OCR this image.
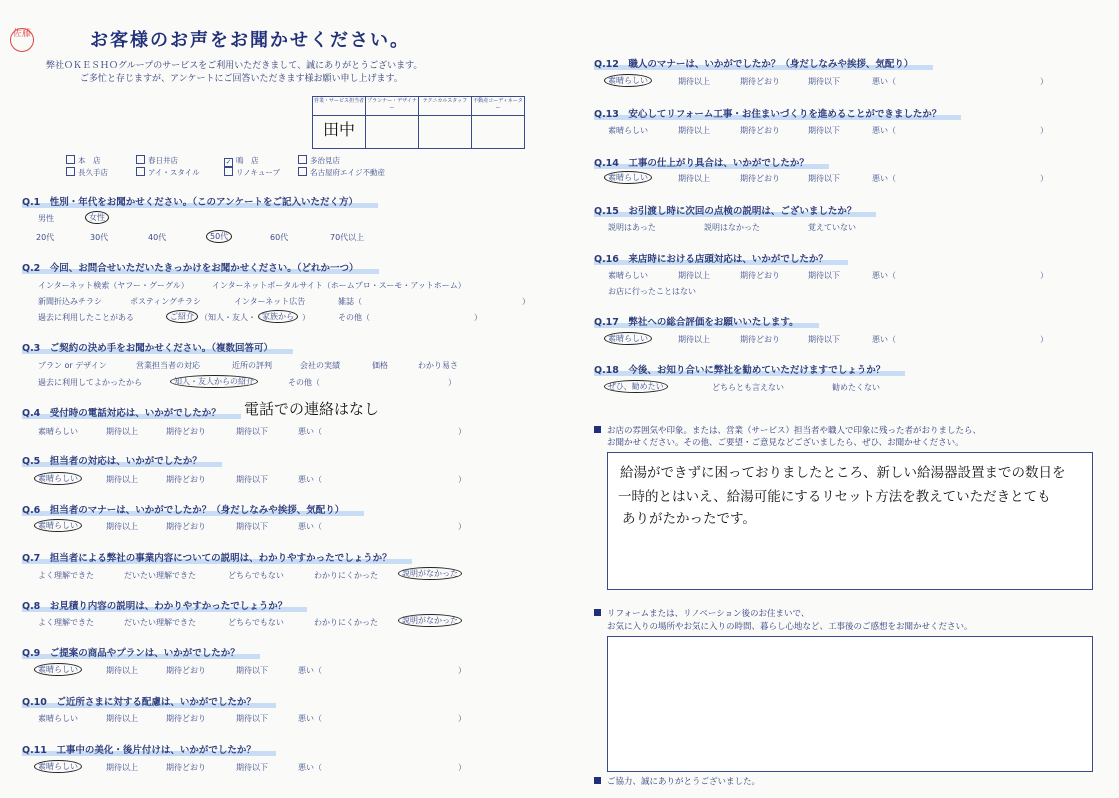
佐藤	お客様のお声をお聞かせください。
弊社ＯＫＥＳＨＯグループのサービスをご利用いただきまして、誠にありがとうございます。
ご多忙と存じますが、アンケートにご回答いただきます様お願い申し上げます。
営業・サービス担当者	プランナー・デザイナー	テクニカルスタッフ	不動産コーディネーター
田中			
本　店	春日井店	✓ 鳴　店	多治見店
長久手店	アイ・スタイル	リノキューブ	名古屋府エイジ不動産
Q.1　性別・年代をお聞かせください。（このアンケートをご記入いただく方）
男性	女性
20代	30代	40代	50代	60代	70代以上
Q.2　今回、お問合せいただいたきっかけをお聞かせください。（どれか一つ）
インターネット検索（ヤフー・グーグル）	インターネットポータルサイト（ホームプロ・スーモ・アットホーム）
新聞折込みチラシ	ポスティングチラシ	インターネット広告	雑誌（　　　　　　　　　　　　　　　　　　　　）
過去に利用したことがある	ご紹介 （知人・友人・ 家族から	）	その他（　　　　　　　　　　　　　）
Q.3　ご契約の決め手をお聞かせください。（複数回答可）
プラン or デザイン	営業担当者の対応	近所の評判	会社の実績	価格	わかり易さ
過去に利用してよかったから	知人・友人からの紹介	その他（　　　　　　　　　　　　　　　　）
Q.4　受付時の電話対応は、いかがでしたか？	電話での連絡はなし
素晴らしい	期待以上	期待どおり	期待以下	悪い（　　　　　　　　　　　　　　　　　）
Q.5　担当者の対応は、いかがでしたか？
素晴らしい	期待以上	期待どおり	期待以下	悪い（　　　　　　　　　　　　　　　　　）
Q.6　担当者のマナーは、いかがでしたか？（身だしなみや挨拶、気配り）
素晴らしい	期待以上	期待どおり	期待以下	悪い（　　　　　　　　　　　　　　　　　）
Q.7　担当者による弊社の事業内容についての説明は、わかりやすかったでしょうか？
よく理解できた	だいたい理解できた	どちらでもない	わかりにくかった	説明がなかった
Q.8　お見積り内容の説明は、わかりやすかったでしょうか？
よく理解できた	だいたい理解できた	どちらでもない	わかりにくかった	説明がなかった
Q.9　ご提案の商品やプランは、いかがでしたか？
素晴らしい	期待以上	期待どおり	期待以下	悪い（　　　　　　　　　　　　　　　　　）
Q.10　ご近所さまに対する配慮は、いかがでしたか？
素晴らしい	期待以上	期待どおり	期待以下	悪い（　　　　　　　　　　　　　　　　　）
Q.11　工事中の美化・後片付けは、いかがでしたか？
素晴らしい	期待以上	期待どおり	期待以下	悪い（　　　　　　　　　　　　　　　　　）
Q.12　職人のマナーは、いかがでしたか？（身だしなみや挨拶、気配り）
素晴らしい	期待以上	期待どおり	期待以下	悪い（　　　　　　　　　　　　　　　　　　）
Q.13　安心してリフォーム工事・お住まいづくりを進めることができましたか？
素晴らしい	期待以上	期待どおり	期待以下	悪い（　　　　　　　　　　　　　　　　　　）
Q.14　工事の仕上がり具合は、いかがでしたか？
素晴らしい	期待以上	期待どおり	期待以下	悪い（　　　　　　　　　　　　　　　　　　）
Q.15　お引渡し時に次回の点検の説明は、ございましたか？
説明はあった	説明はなかった	覚えていない
Q.16　来店時における店頭対応は、いかがでしたか？
素晴らしい	期待以上	期待どおり	期待以下	悪い（　　　　　　　　　　　　　　　　　　）
お店に行ったことはない
Q.17　弊社への総合評価をお願いいたします。
素晴らしい	期待以上	期待どおり	期待以下	悪い（　　　　　　　　　　　　　　　　　　）
Q.18　今後、お知り合いに弊社を勧めていただけますでしょうか？
ぜひ、勧めたい	どちらとも言えない	勧めたくない
お店の雰囲気や印象。または、営業（サービス）担当者や職人で印象に残った者がおりましたら、
お聞かせください。その他、ご要望・ご意見などございましたら、ぜひ、お聞かせください。
給湯ができずに困っておりましたところ、新しい給湯器設置までの数日を
一時的とはいえ、給湯可能にするリセット方法を教えていただきとても
ありがたかったです。
リフォームまたは、リノベーション後のお住まいで、
お気に入りの場所やお気に入りの時間、暮らし心地など、工事後のご感想をお聞かせください。
ご協力、誠にありがとうございました。
